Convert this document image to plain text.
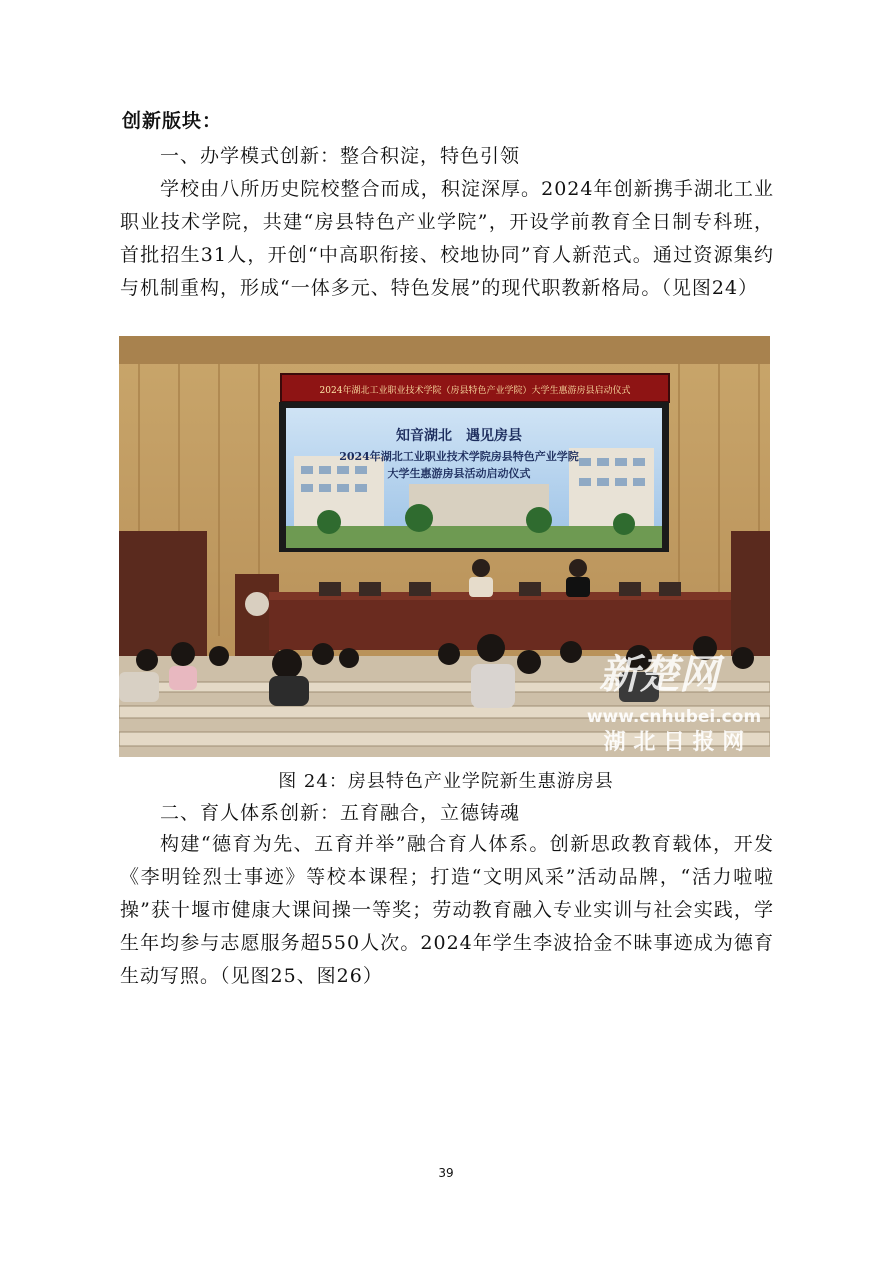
创新版块：
一、办学模式创新：整合积淀，特色引领

学校由八所历史院校整合而成，积淀深厚。2024年创新携手湖北工业职业技术学院，共建“房县特色产业学院”，开设学前教育全日制专科班，首批招生31人，开创“中高职衔接、校地协同”育人新范式。通过资源集约与机制重构，形成“一体多元、特色发展”的现代职教新格局。（见图24）

2024年湖北工业职业技术学院（房县特色产业学院）大学生惠游房县启动仪式
知音湖北　遇见房县
2024年湖北工业职业技术学院房县特色产业学院
大学生惠游房县活动启动仪式
新楚网
www.cnhubei.com
湖 北 日 报 网
图 24：房县特色产业学院新生惠游房县
二、育人体系创新：五育融合，立德铸魂

构建“德育为先、五育并举”融合育人体系。创新思政教育载体，开发《李明铨烈士事迹》等校本课程；打造“文明风采”活动品牌，“活力啦啦操”获十堰市健康大课间操一等奖；劳动教育融入专业实训与社会实践，学生年均参与志愿服务超550人次。2024年学生李波拾金不昧事迹成为德育生动写照。（见图25、图26）

39
